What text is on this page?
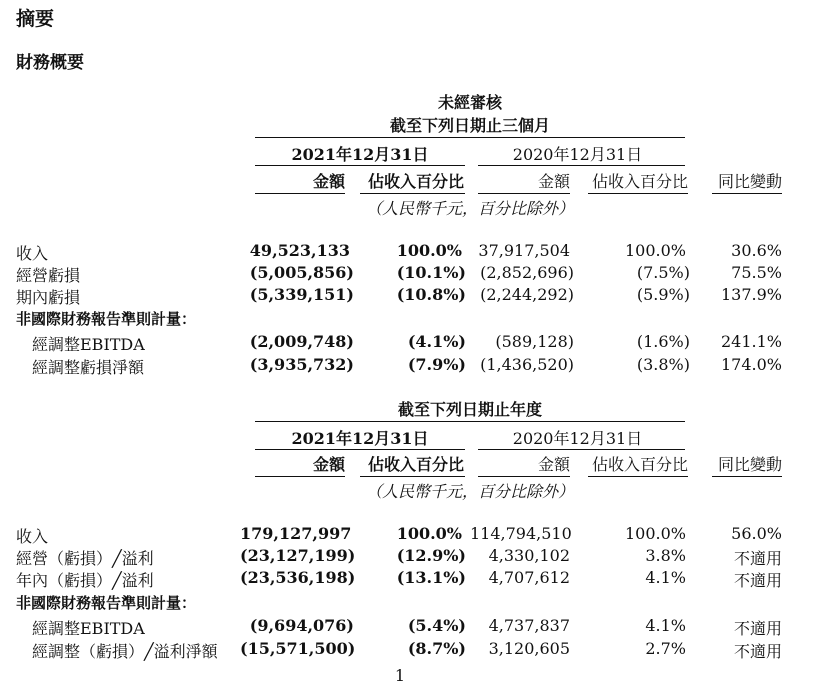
摘要
財務概要
未經審核
截至下列日期止三個月
2021年12月31日	2020年12月31日
金額	佔收入百分比	金額	佔收入百分比	同比變動
（人民幣千元，百分比除外）
收入	49,523,133	100.0%	37,917,504	100.0%	30.6%
經營虧損	(5,005,856)	(10.1%) (2,852,696)	(7.5%)	75.5%
期內虧損	(5,339,151)	(10.8%) (2,244,292)	(5.9%)	137.9%
非國際財務報告準則計量：
經調整EBITDA	(2,009,748)	(4.1%)	(589,128)	(1.6%)	241.1%
經調整虧損淨額	(3,935,732)	(7.9%) (1,436,520)	(3.8%)	174.0%
截至下列日期止年度
2021年12月31日	2020年12月31日
金額	佔收入百分比	金額	佔收入百分比	同比變動
（人民幣千元，百分比除外）
收入	179,127,997	100.0% 114,794,510	100.0%	56.0%
經營（虧損）╱溢利	(23,127,199)	(12.9%)	4,330,102	3.8%	不適用
年內（虧損）╱溢利	(23,536,198)	(13.1%)	4,707,612	4.1%	不適用
非國際財務報告準則計量：
經調整EBITDA	(9,694,076)	(5.4%)	4,737,837	4.1%	不適用
經調整（虧損）╱溢利淨額 (15,571,500)	(8.7%)	3,120,605	2.7%	不適用
1
